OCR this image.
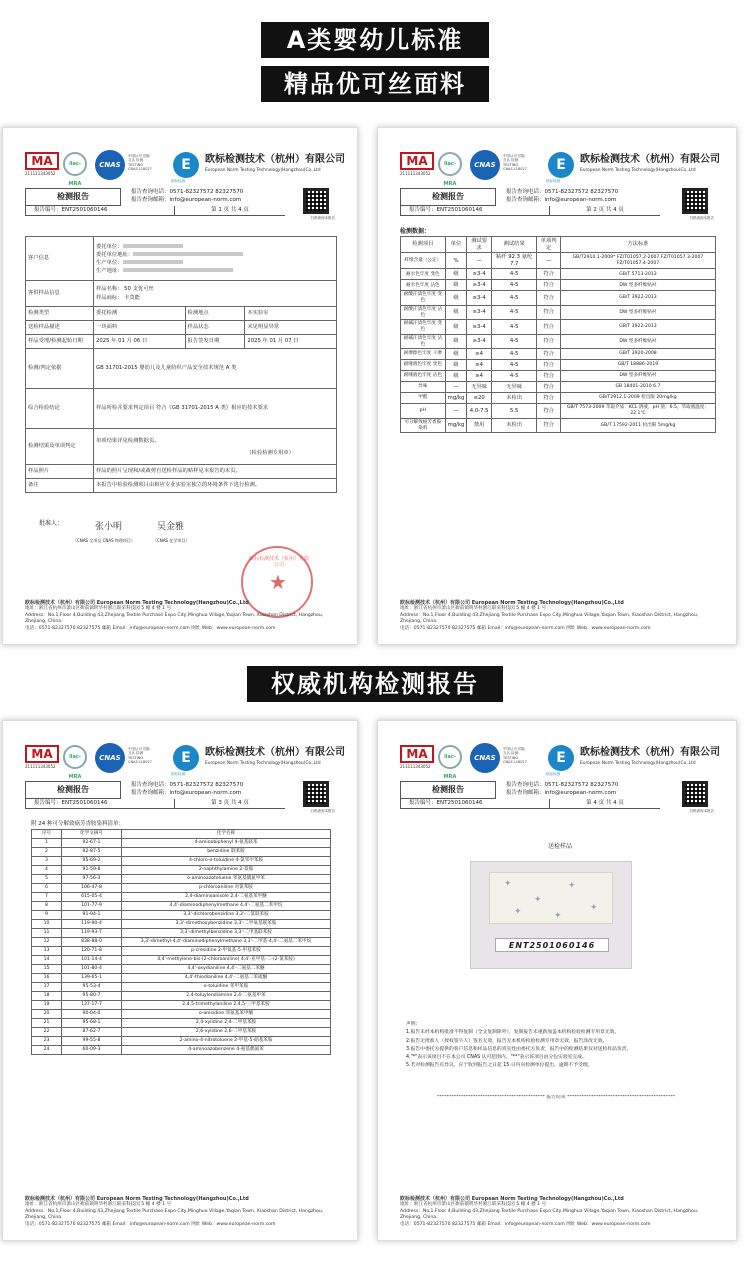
A类婴幼儿标准
精品优可丝面料
权威机构检测报告
MA
211111343052
ilac-MRA
CNAS
中国认可 国际互认 检测 TESTING CNAS L18027	E
欧标检测
欧标检测技术（杭州）有限公司
European Norm Testing Technology(Hangzhou)Co.,Ltd
检测报告
报告编号：ENT2501060146
报告查询电话：0571-82327572 82327570
报告查询邮箱：info@european-norm.com
第 1 页 共 4 页
扫码查询本报告
客户信息	委托单位：
委托单位地址：
生产单位：
生产地址：		

客供样品信息	样品名称： 50 支优可丝
样品商标： 卡莫能		

检测类型	委托检测	检测地点	本实验室
送检样品描述	一块面料	样品状态	未见明显异常
样品受理/检测起始日期	2025 年 01 月 06 日	报告签发日期	2025 年 01 月 07 日
检测/判定依据	GB 31701-2015 婴幼儿及儿童纺织产品安全技术规范 A 类		
综合检验结论	样品所检并要求判定项目 符合《GB 31701-2015 A 类》相应的技术要求		
检测结果及单项判定	单项结果详见检测数据页。
（检验检测专用章）		

样品照片	样品的照片呈现和/或裁剪自送检样品的贴样见本报告的末页。		
备注	本报告中检验检测项目由相应专业实验室独立的环境条件下进行检测。		
批准人：	张小明	吴金雅
（CNAS 全项及 CNAS 物理项目）	（CNAS 化学项目）
欧标检测技术（杭州）有限公司
★
欧标检测技术（杭州）有限公司 European Norm Testing Technology(Hangzhou)Co.,Ltd
地址：浙江省杭州市萧山区衙前镇明华村浙江联采科技园 5 幢 4 楼 1 号
Address：No.1,Floor 4,Building 43,Zhejiang Textile Purchase Expo City,Minghua Village,Yaqian Town, Xiaoshan District, Hangzhou, Zhejiang, China.
电话：0571-82327570 82327575 邮箱 Email：info@european-norm.com 网址 Web：www.european-norm.com
MA
211111343052
ilac-MRA
CNAS
中国认可 国际互认 检测 TESTING CNAS L18027	E
欧标检测
欧标检测技术（杭州）有限公司
European Norm Testing Technology(Hangzhou)Co.,Ltd
检测报告
报告编号：ENT2501060146
报告查询电话：0571-82327572 82327570
报告查询邮箱：info@european-norm.com
第 2 页 共 4 页
扫码查询本报告
检测数据：
检测项目	单位	测试要求	测试结果	单项判定	方法标准
纤维含量（公定）	%	—	粘纤 92.3 氨纶 7.7	—	GB/T2910.1-2009* FZ/T01057.2-2007 FZ/T01057.3-2007 FZ/T01057.4-2007
耐水色牢度 变色	级	≥3-4	4-5	符合	GB/T 5713-2013
耐水色牢度 沾色	级	≥3-4	4-5	符合	DW 型多纤维贴衬
耐酸汗渍色牢度 变色	级	≥3-4	4-5	符合	GB/T 3922-2013
耐酸汗渍色牢度 沾色	级	≥3-4	4-5	符合	DW 型多纤维贴衬
耐碱汗渍色牢度 变色	级	≥3-4	4-5	符合	GB/T 3922-2013
耐碱汗渍色牢度 沾色	级	≥3-4	4-5	符合	DW 型多纤维贴衬
耐摩擦色牢度 干摩	级	≥4	4-5	符合	GB/T 3920-2008
耐唾液色牢度 变色	级	≥4	4-5	符合	GB/T 18886-2019
耐唾液色牢度 沾色	级	≥4	4-5	符合	DW 型多纤维贴衬
异味	—	无异味	无异味	符合	GB 18401-2010 6.7
甲醛	mg/kg	≤20	未检出	符合	GB/T2912.1-2009 检出限 20mg/kg
pH	—	4.0-7.5	5.5	符合	GB/T 7573-2009 萃取介质：KCL 溶液，pH 值：6.5，萃取液温度：22.1℃
可分解致癌芳香胺染料	mg/kg	禁用	未检出	符合	GB/T 17592-2011 检出限 5mg/kg
欧标检测技术（杭州）有限公司 European Norm Testing Technology(Hangzhou)Co.,Ltd
地址：浙江省杭州市萧山区衙前镇明华村浙江联采科技园 5 幢 4 楼 1 号
Address：No.1,Floor 4,Building 43,Zhejiang Textile Purchase Expo City,Minghua Village,Yaqian Town, Xiaoshan District, Hangzhou, Zhejiang, China.
电话：0571-82327570 82327575 邮箱 Email：info@european-norm.com 网址 Web：www.european-norm.com
MA
211111343052
ilac-MRA
CNAS
中国认可 国际互认 检测 TESTING CNAS L18027	E
欧标检测
欧标检测技术（杭州）有限公司
European Norm Testing Technology(Hangzhou)Co.,Ltd
检测报告
报告编号：ENT2501060146
报告查询电话：0571-82327572 82327570
报告查询邮箱：info@european-norm.com
第 3 页 共 4 页
扫码查询本报告
附 24 种可分解致癌芳香胺染料清单：
序号	化学文摘号	化学名称
1	92-67-1	4-aminobiphenyl 4-氨基联苯
2	92-87-5	benzidine 联苯胺
3	95-69-2	4-chloro-o-toluidine 4-氯邻甲苯胺
4	91-59-8	2-naphthylamine 2-萘胺
5	97-56-3	o-aminoazotoluene 邻氨基偶氮甲苯
6	106-47-8	p-chloroaniline 对氯苯胺
7	615-05-4	2,4-diaminoanisole 2,4-二氨基苯甲醚
8	101-77-9	4,4'-diaminodiphenylmethane 4,4'-二氨基二苯甲烷
9	91-94-1	3,3'-dichlorobenzidine 3,3'-二氯联苯胺
10	119-90-4	3,3'-dimethoxybenzidine 3,3'-二甲氧基联苯胺
11	119-93-7	3,3'-dimethylbenzidine 3,3'-二甲基联苯胺
12	838-88-0	3,3'-dimethyl-4,4'-diaminodiphenylmethane 3,3'-二甲基-4,4'-二氨基二苯甲烷
13	120-71-8	p-cresidine 2-甲氧基-5-甲基苯胺
14	101-14-4	4,4'-methylene-bis-(2-chloroaniline) 4,4'-亚甲基-二-(2-氯苯胺)
15	101-80-4	4,4'-oxydianiline 4,4'-二氨基二苯醚
16	139-65-1	4,4'-thiodianiline 4,4'-二氨基二苯硫醚
17	95-53-4	o-toluidine 邻甲苯胺
18	95-80-7	2,4-toluylendiamine 2,4-二氨基甲苯
19	137-17-7	2,4,5-trimethylaniline 2,4,5-三甲基苯胺
20	90-04-0	o-anisidine 邻氨基苯甲醚
21	95-68-1	2,4-xylidine 2,4-二甲基苯胺
22	87-62-7	2,6-xylidine 2,6-二甲基苯胺
23	99-55-8	2-amino-4-nitrotoluene 2-甲基-5-硝基苯胺
24	60-09-3	4-aminoazobenzene 4-氨基偶氮苯
欧标检测技术（杭州）有限公司 European Norm Testing Technology(Hangzhou)Co.,Ltd
地址：浙江省杭州市萧山区衙前镇明华村浙江联采科技园 5 幢 4 楼 1 号
Address：No.1,Floor 4,Building 43,Zhejiang Textile Purchase Expo City,Minghua Village,Yaqian Town, Xiaoshan District, Hangzhou, Zhejiang, China.
电话：0571-82327570 82327575 邮箱 Email：info@european-norm.com 网址 Web：www.european-norm.com
MA
211111343052
ilac-MRA
CNAS
中国认可 国际互认 检测 TESTING CNAS L18027	E
欧标检测
欧标检测技术（杭州）有限公司
European Norm Testing Technology(Hangzhou)Co.,Ltd
检测报告
报告编号：ENT2501060146
报告查询电话：0571-82327572 82327570
报告查询邮箱：info@european-norm.com
第 4 页 共 4 页
扫码查询本报告
送检样品
✦
✦
✦
✦
✦	✦
ENT2501060146
声明：
1.报告未经本机构批准不得复制（全文复制除外），复制报告未重新加盖本机构检验检测专用章无效。
2.报告无批准人（授权签字人）签名无效，报告无本机构检验检测专用章无效，报告涂改无效。
3.报告中委托方提供的客户信息和样品信息的真实性由委托方负责，报告中的检测结果仅对送检样品负责。
4."*"表示该项目不在本公司 CNAS 认可范围内，"**"表示该项目由分包实验室完成。
5.若对检测报告有异议，应于收到报告之日起 15 日内向检测单位提出，逾期不予受理。
********************************************* 报告结束 *********************************************
欧标检测技术（杭州）有限公司 European Norm Testing Technology(Hangzhou)Co.,Ltd
地址：浙江省杭州市萧山区衙前镇明华村浙江联采科技园 5 幢 4 楼 1 号
Address：No.1,Floor 4,Building 43,Zhejiang Textile Purchase Expo City,Minghua Village,Yaqian Town, Xiaoshan District, Hangzhou, Zhejiang, China.
电话：0571-82327570 82327575 邮箱 Email：info@european-norm.com 网址 Web：www.european-norm.com
